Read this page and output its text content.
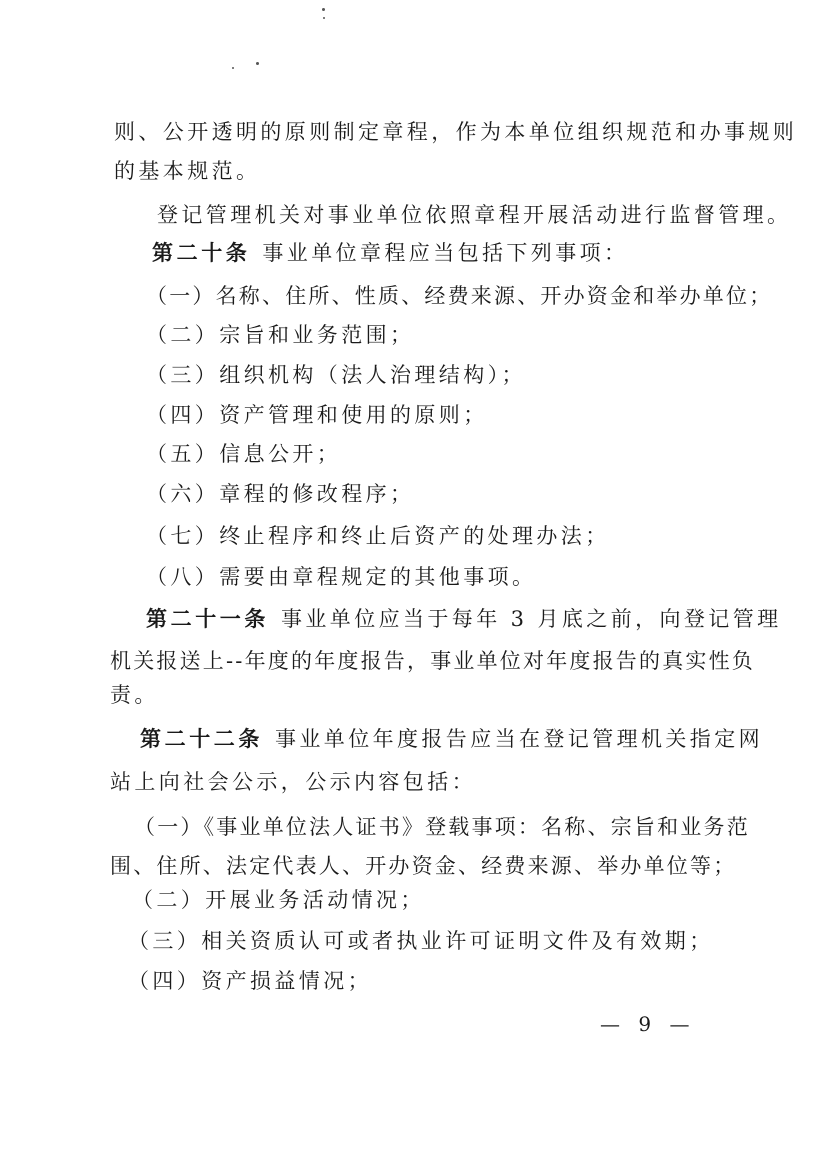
则、公开透明的原则制定章程，作为本单位组织规范和办事规则
的基本规范。
登记管理机关对事业单位依照章程开展活动进行监督管理。
第二十条 事业单位章程应当包括下列事项：
（一）名称、住所、性质、经费来源、开办资金和举办单位；
（二）宗旨和业务范围；
（三）组织机构（法人治理结构）；
（四）资产管理和使用的原则；
（五）信息公开；
（六）章程的修改程序；
（七）终止程序和终止后资产的处理办法；
（八）需要由章程规定的其他事项。
第二十一条 事业单位应当于每年 3 月底之前，向登记管理
机关报送上--年度的年度报告，事业单位对年度报告的真实性负
责。
第二十二条 事业单位年度报告应当在登记管理机关指定网
站上向社会公示，公示内容包括：
（一）《事业单位法人证书》登载事项：名称、宗旨和业务范
围、住所、法定代表人、开办资金、经费来源、举办单位等；
（二）开展业务活动情况；
（三）相关资质认可或者执业许可证明文件及有效期；
（四）资产损益情况；
— 9 —
